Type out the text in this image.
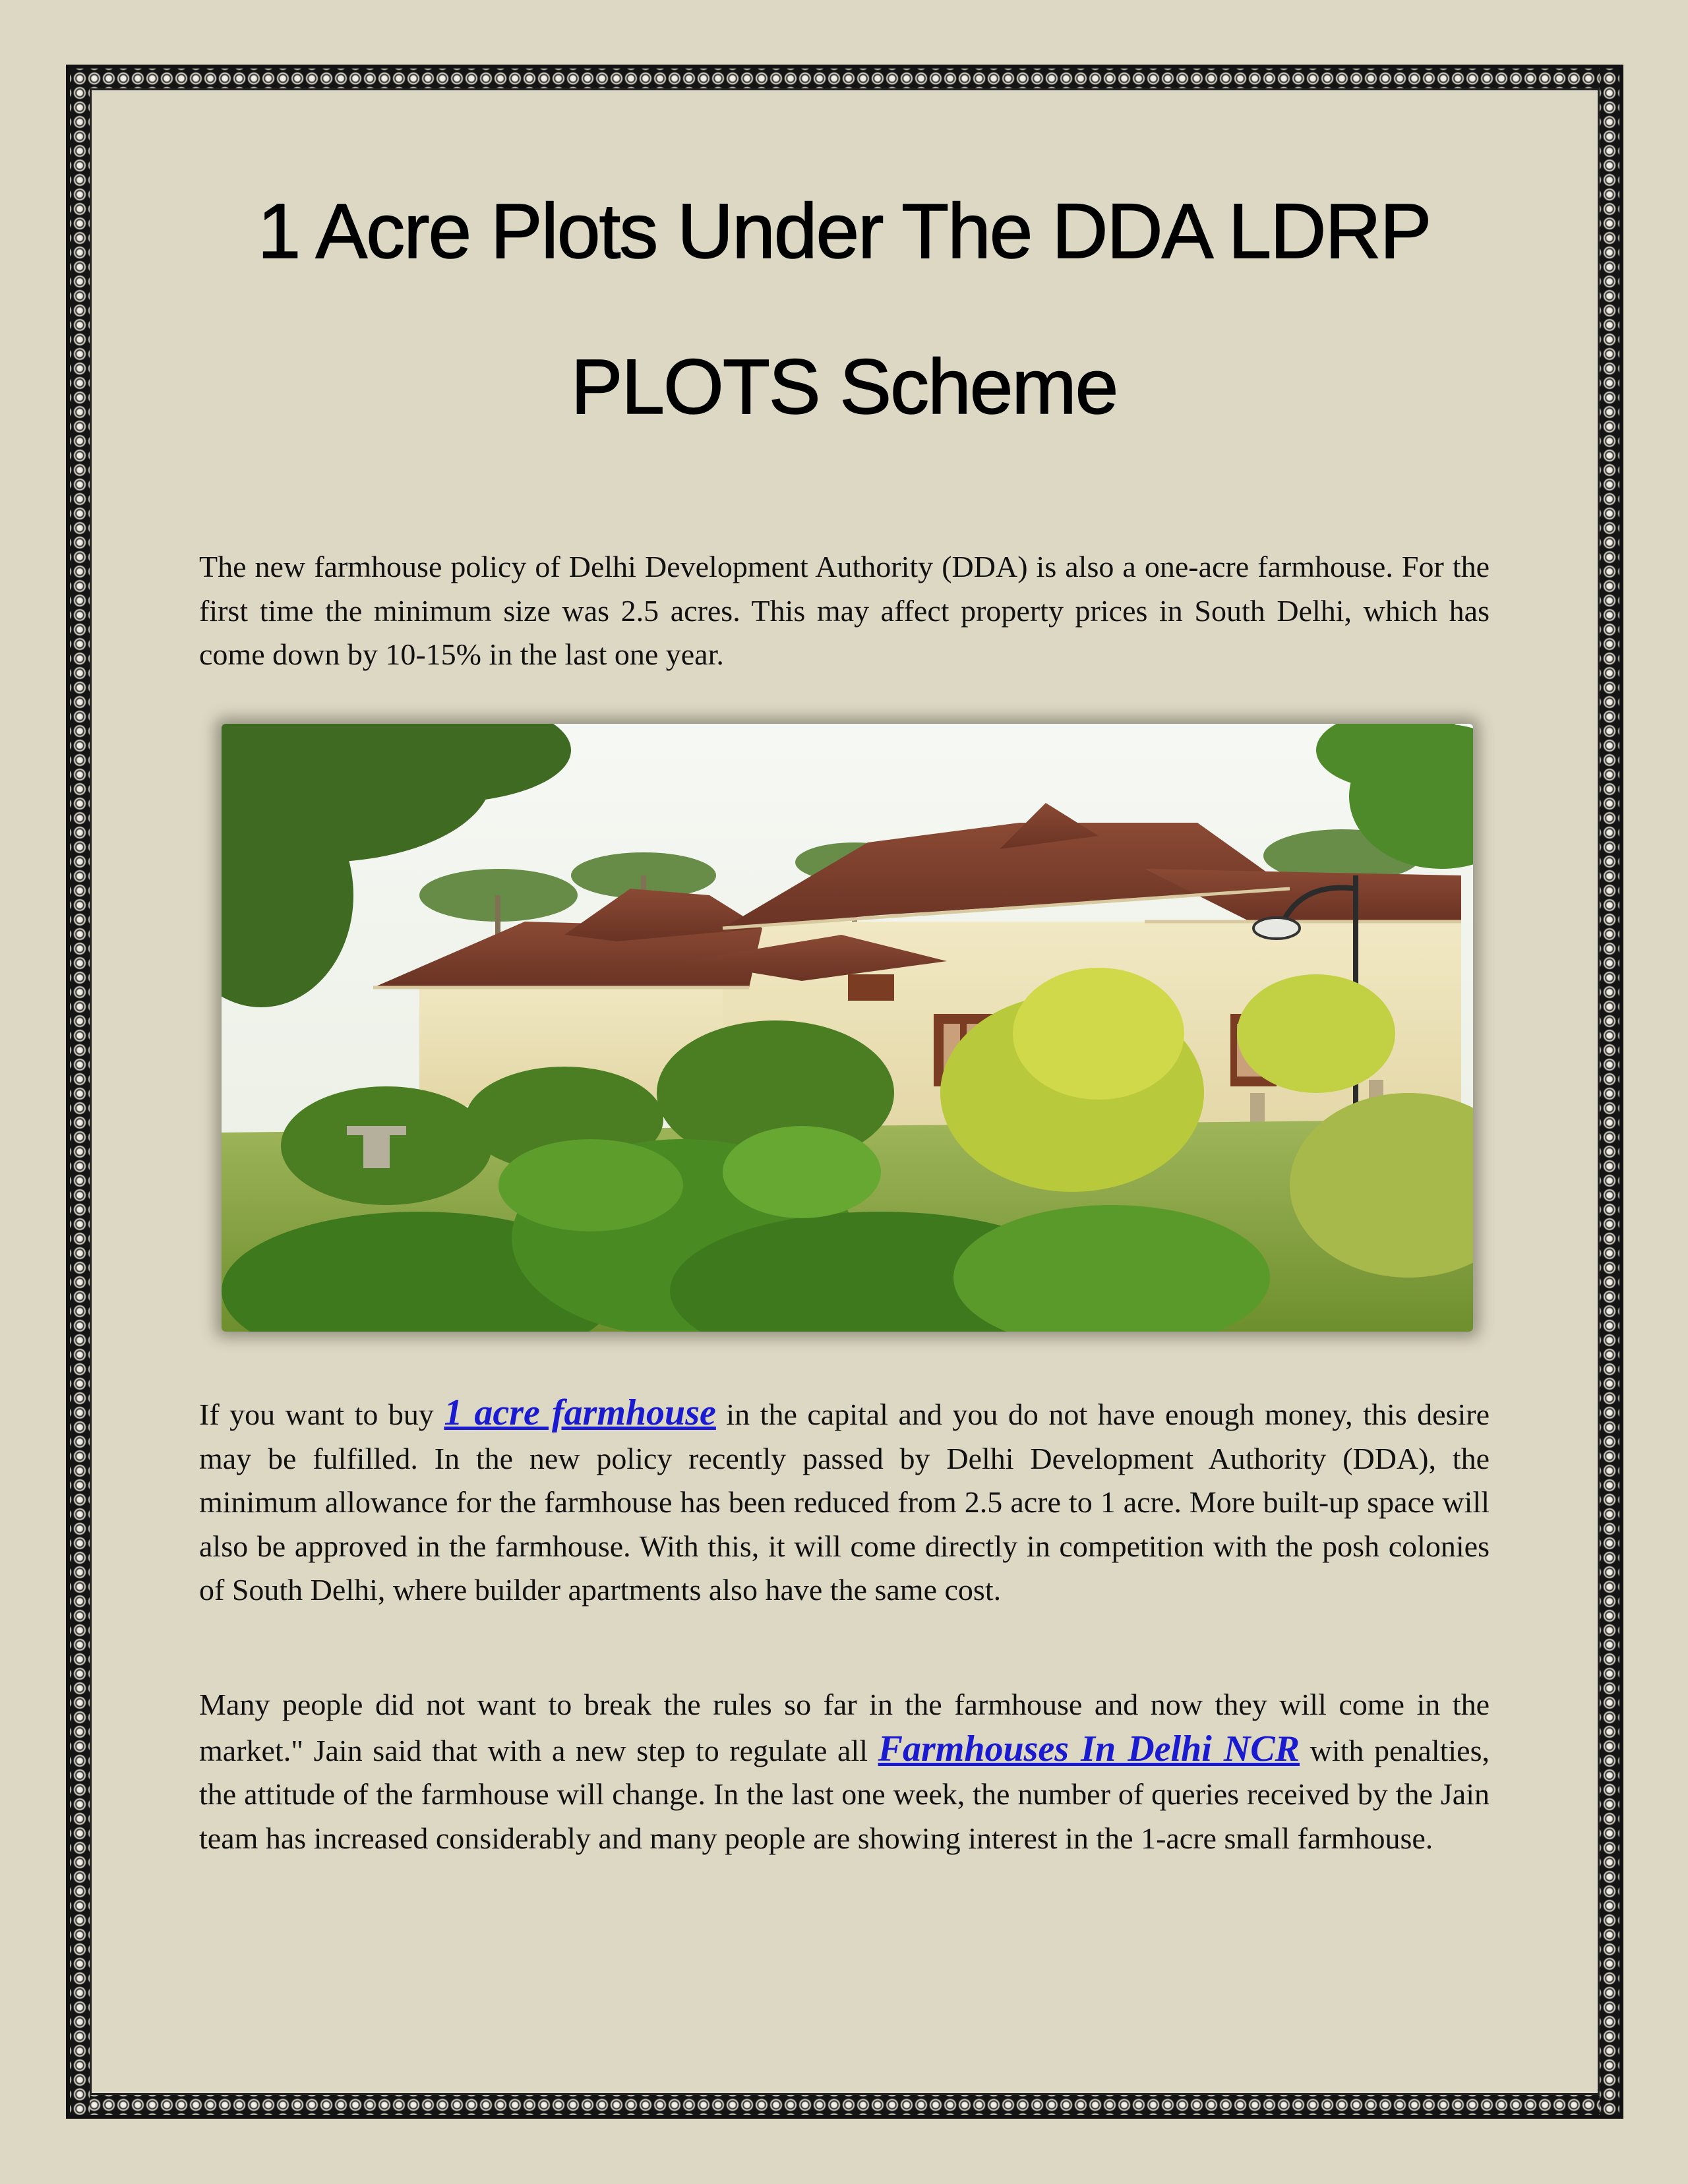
1 Acre Plots Under The DDA LDRP
PLOTS Scheme

The new farmhouse policy of Delhi Development Authority (DDA) is also a one-acre farmhouse. For the first time the minimum size was 2.5 acres. This may affect property prices in South Delhi, which has come down by 10-15% in the last one year.

If you want to buy 1 acre farmhouse in the capital and you do not have enough money, this desire may be fulfilled. In the new policy recently passed by Delhi Development Authority (DDA), the minimum allowance for the farmhouse has been reduced from 2.5 acre to 1 acre. More built-up space will also be approved in the farmhouse. With this, it will come directly in competition with the posh colonies of South Delhi, where builder apartments also have the same cost.

Many people did not want to break the rules so far in the farmhouse and now they will come in the market." Jain said that with a new step to regulate all Farmhouses In Delhi NCR with penalties, the attitude of the farmhouse will change. In the last one week, the number of queries received by the Jain team has increased considerably and many people are showing interest in the 1-acre small farmhouse.
